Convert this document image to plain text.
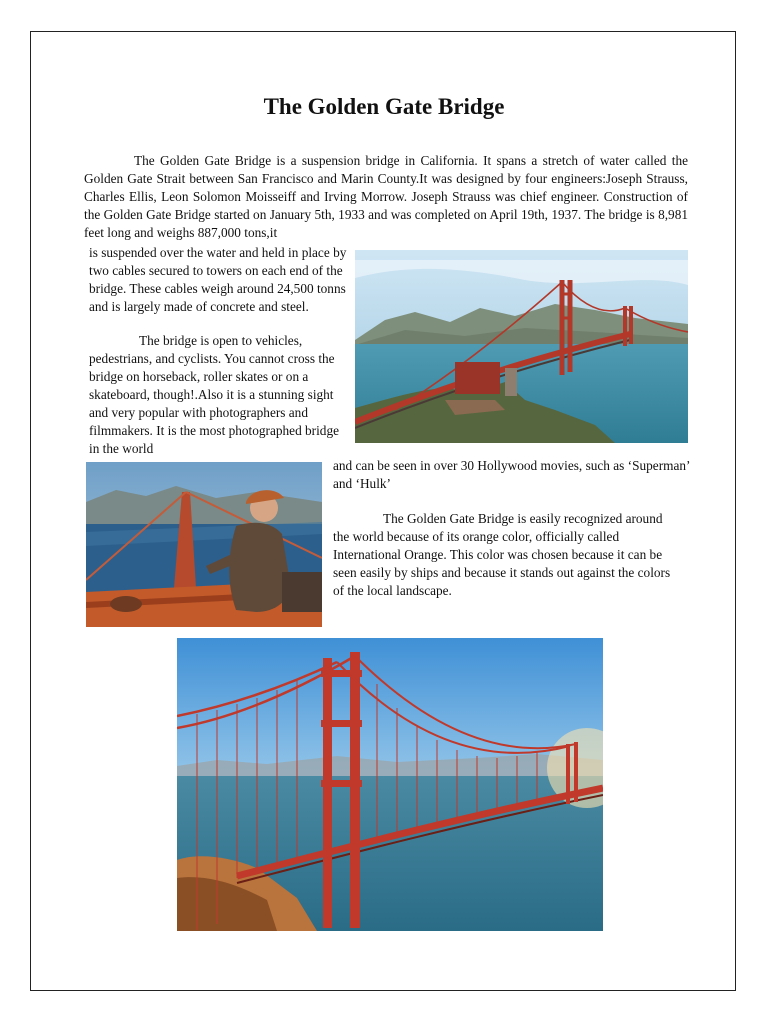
The Golden Gate Bridge

The Golden Gate Bridge is a suspension bridge in California. It spans a stretch of water called the Golden Gate Strait between San Francisco and Marin County.It was designed by four engineers:Joseph Strauss, Charles Ellis, Leon Solomon Moisseiff and Irving Morrow. Joseph Strauss was chief engineer. Construction of the Golden Gate Bridge started on January 5th, 1933 and was completed on April 19th, 1937. The bridge is 8,981 feet long and weighs 887,000 tons,it

is suspended over the water and held in place by two cables secured to towers on each end of the bridge. These cables weigh around 24,500 tonns and is largely made of concrete and steel.

The bridge is open to vehicles, pedestrians, and cyclists. You cannot cross the bridge on horseback, roller skates or on a skateboard, though!.Also it is a stunning sight and very popular with photographers and filmmakers. It is the most photographed bridge in the world

and can be seen in over 30 Hollywood movies, such as ‘Superman’ and ‘Hulk’

The Golden Gate Bridge is easily recognized around the world because of its orange color, officially called International Orange. This color was chosen because it can be seen easily by ships and because it stands out against the colors of the local landscape.
